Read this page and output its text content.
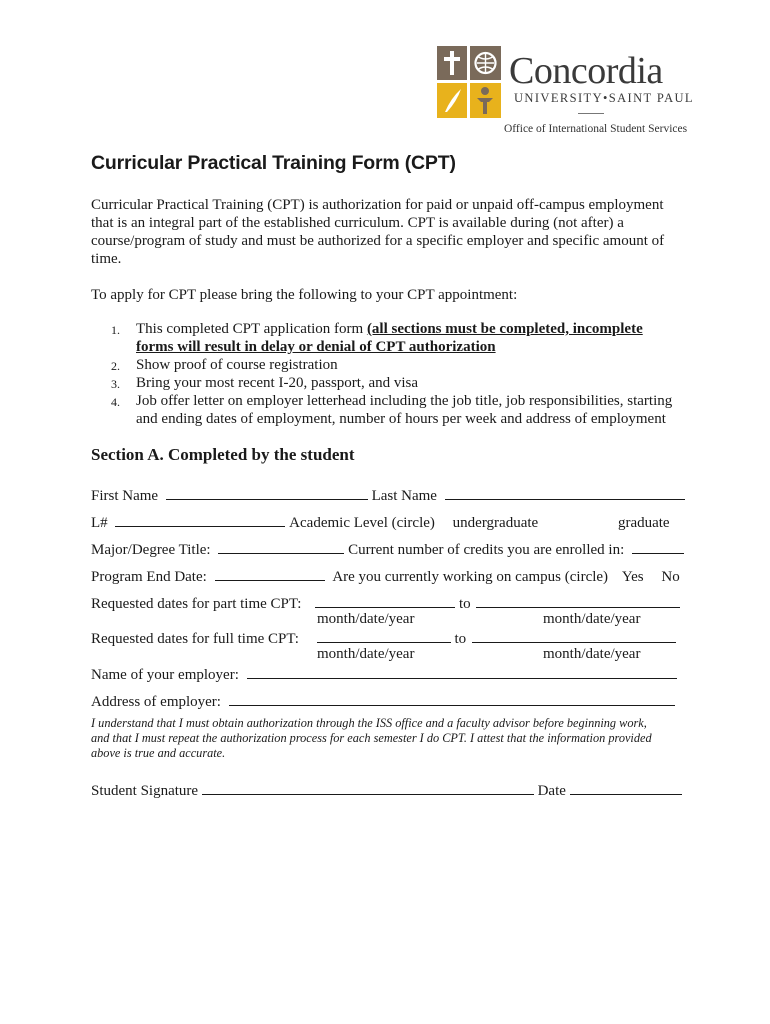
Concordia
UNIVERSITY•SAINT PAUL
Office of International Student Services
Curricular Practical Training Form (CPT)
Curricular Practical Training (CPT) is authorization for paid or unpaid off-campus employment
that is an integral part of the established curriculum. CPT is available during (not after) a
course/program of study and must be authorized for a specific employer and specific amount of
time.
To apply for CPT please bring the following to your CPT appointment:
1. This completed CPT application form (all sections must be completed, incomplete
forms will result in delay or denial of CPT authorization
2. Show proof of course registration
3. Bring your most recent I-20, passport, and visa
4. Job offer letter on employer letterhead including the job title, job responsibilities, starting
and ending dates of employment, number of hours per week and address of employment
Section A. Completed by the student
First Name	Last Name
L#	Academic Level (circle) undergraduate	graduate
Major/Degree Title:	Current number of credits you are enrolled in:
Program End Date:	Are you currently working on campus (circle) Yes No
Requested dates for part time CPT:	to
month/date/year	month/date/year
Requested dates for full time CPT:	to
month/date/year	month/date/year
Name of your employer:
Address of employer:
I understand that I must obtain authorization through the ISS office and a faculty advisor before beginning work,
and that I must repeat the authorization process for each semester I do CPT. I attest that the information provided
above is true and accurate.
Student Signature	Date
